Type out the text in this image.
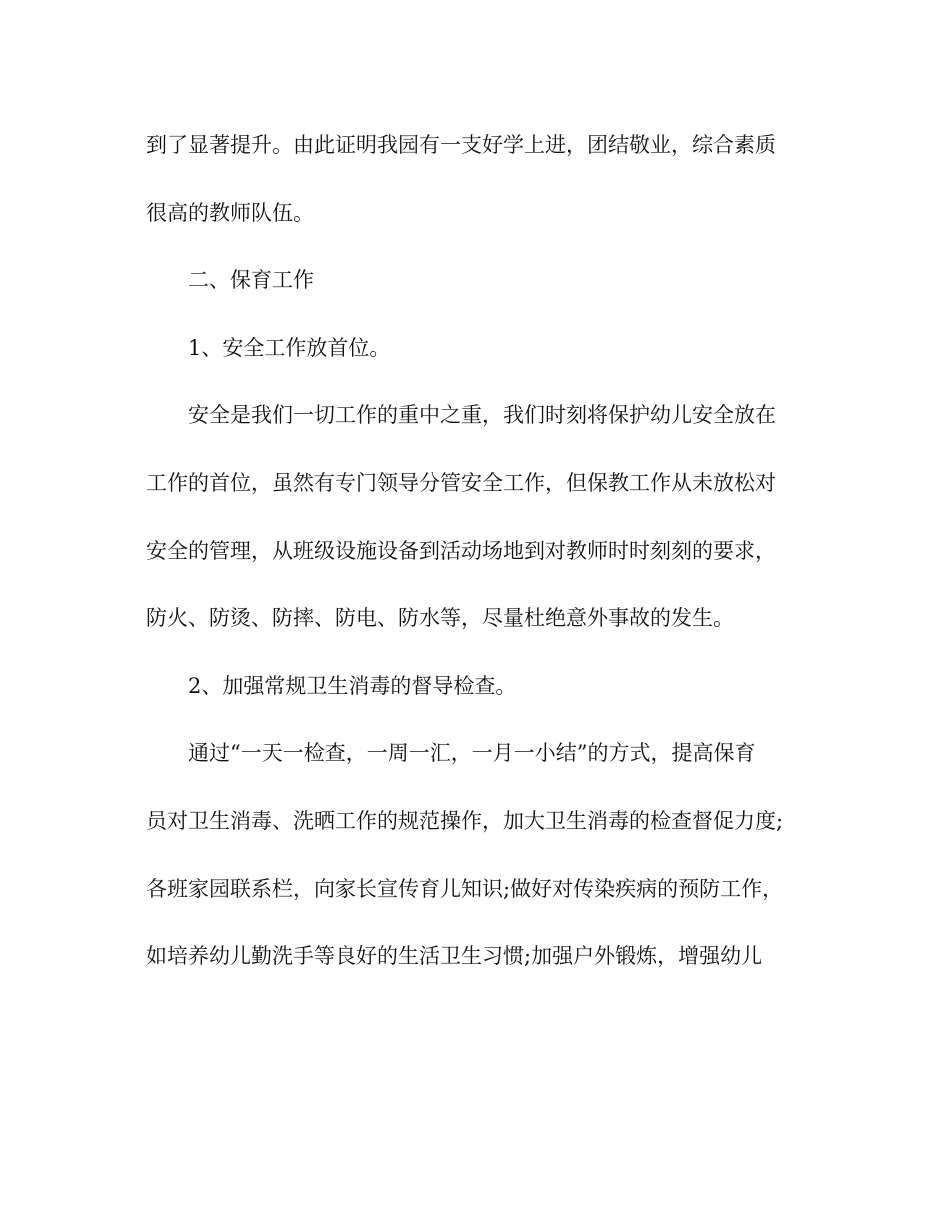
到了显著提升。由此证明我园有一支好学上进，团结敬业，综合素质
很高的教师队伍。
二、保育工作
1、安全工作放首位。
安全是我们一切工作的重中之重，我们时刻将保护幼儿安全放在
工作的首位，虽然有专门领导分管安全工作，但保教工作从未放松对
安全的管理，从班级设施设备到活动场地到对教师时时刻刻的要求，
防火、防烫、防摔、防电、防水等，尽量杜绝意外事故的发生。
2、加强常规卫生消毒的督导检查。
通过“一天一检查，一周一汇，一月一小结”的方式，提高保育
员对卫生消毒、洗晒工作的规范操作，加大卫生消毒的检查督促力度;
各班家园联系栏，向家长宣传育儿知识;做好对传染疾病的预防工作，
如培养幼儿勤洗手等良好的生活卫生习惯;加强户外锻炼，增强幼儿
